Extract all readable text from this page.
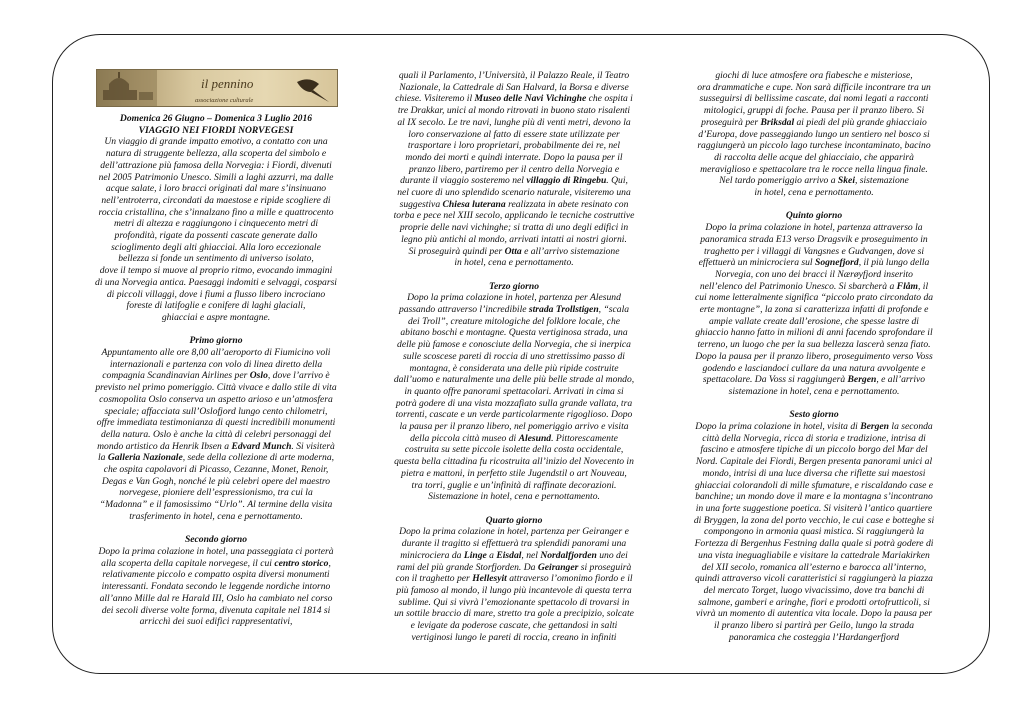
il pennino
associazione culturale

Domenica 26 Giugno – Domenica 3 Luglio 2016

VIAGGIO NEI FIORDI NORVEGESI

Un viaggio di grande impatto emotivo, a contatto con una

natura di struggente bellezza, alla scoperta del simbolo e

dell’attrazione più famosa della Norvegia: i Fiordi, divenuti

nel 2005 Patrimonio Unesco. Simili a laghi azzurri, ma dalle

acque salate, i loro bracci originati dal mare s’insinuano

nell’entroterra, circondati da maestose e ripide scogliere di

roccia cristallina, che s’innalzano fino a mille e quattrocento

metri di altezza e raggiungono i cinquecento metri di

profondità, rigate da possenti cascate generate dallo

scioglimento degli alti ghiacciai. Alla loro eccezionale

bellezza si fonde un sentimento di universo isolato,

dove il tempo si muove al proprio ritmo, evocando immagini

di una Norvegia antica. Paesaggi indomiti e selvaggi, cosparsi

di piccoli villaggi, dove i fiumi a flusso libero incrociano

foreste di latifoglie e conifere di laghi glaciali,

ghiacciai e aspre montagne.

Primo giorno

Appuntamento alle ore 8,00 all’aeroporto di Fiumicino voli

internazionali e partenza con volo di linea diretto della

compagnia Scandinavian Airlines per Oslo, dove l’arrivo è

previsto nel primo pomeriggio. Città vivace e dallo stile di vita

cosmopolita Oslo conserva un aspetto arioso e un’atmosfera

speciale; affacciata sull’Oslofjord lungo cento chilometri,

offre immediata testimonianza di questi incredibili monumenti

della natura. Oslo è anche la città di celebri personaggi del

mondo artistico da Henrik Ibsen a Edvard Munch. Si visiterà

la Galleria Nazionale, sede della collezione di arte moderna,

che ospita capolavori di Picasso, Cezanne, Monet, Renoir,

Degas e Van Gogh, nonché le più celebri opere del maestro

norvegese, pioniere dell’espressionismo, tra cui la

“Madonna” e il famosissimo “Urlo”. Al termine della visita

trasferimento in hotel, cena e pernottamento.

Secondo giorno

Dopo la prima colazione in hotel, una passeggiata ci porterà

alla scoperta della capitale norvegese, il cui centro storico,

relativamente piccolo e compatto ospita diversi monumenti

interessanti. Fondata secondo le leggende nordiche intorno

all’anno Mille dal re Harald III, Oslo ha cambiato nel corso

dei secoli diverse volte forma, divenuta capitale nel 1814 si

arricchì dei suoi edifici rappresentativi,

quali il Parlamento, l’Università, il Palazzo Reale, il Teatro

Nazionale, la Cattedrale di San Halvard, la Borsa e diverse

chiese. Visiteremo il Museo delle Navi Vichinghe che ospita i

tre Drakkar, unici al mondo ritrovati in buono stato risalenti

al IX secolo. Le tre navi, lunghe più di venti metri, devono la

loro conservazione al fatto di essere state utilizzate per

trasportare i loro proprietari, probabilmente dei re, nel

mondo dei morti e quindi interrate. Dopo la pausa per il

pranzo libero, partiremo per il centro della Norvegia e

durante il viaggio sosteremo nel villaggio di Ringebu. Qui,

nel cuore di uno splendido scenario naturale, visiteremo una

suggestiva Chiesa luterana realizzata in abete resinato con

torba e pece nel XIII secolo, applicando le tecniche costruttive

proprie delle navi vichinghe; si tratta di uno degli edifici in

legno più antichi al mondo, arrivati intatti ai nostri giorni.

Si proseguirà quindi per Otta e all’arrivo sistemazione

in hotel, cena e pernottamento.

Terzo giorno

Dopo la prima colazione in hotel, partenza per Alesund

passando attraverso l’incredibile strada Trollstigen, “scala

dei Troll”, creature mitologiche del folklore locale, che

abitano boschi e montagne. Questa vertiginosa strada, una

delle più famose e conosciute della Norvegia, che si inerpica

sulle scoscese pareti di roccia di uno strettissimo passo di

montagna, è considerata una delle più ripide costruite

dall’uomo e naturalmente una delle più belle strade al mondo,

in quanto offre panorami spettacolari. Arrivati in cima si

potrà godere di una vista mozzafiato sulla grande vallata, tra

torrenti, cascate e un verde particolarmente rigoglioso. Dopo

la pausa per il pranzo libero, nel pomeriggio arrivo e visita

della piccola città museo di Alesund. Pittorescamente

costruita su sette piccole isolette della costa occidentale,

questa bella cittadina fu ricostruita all’inizio del Novecento in

pietra e mattoni, in perfetto stile Jugendstil o art Nouveau,

tra torri, guglie e un’infinità di raffinate decorazioni.

Sistemazione in hotel, cena e pernottamento.

Quarto giorno

Dopo la prima colazione in hotel, partenza per Geiranger e

durante il tragitto si effettuerà tra splendidi panorami una

minicrociera da Linge a Eisdal, nel Nordalfjorden uno dei

rami del più grande Storfjorden. Da Geiranger si proseguirà

con il traghetto per Hellesyit attraverso l’omonimo fiordo e il

più famoso al mondo, il lungo più incantevole di questa terra

sublime. Qui si vivrà l’emozionante spettacolo di trovarsi in

un sottile braccio di mare, stretto tra gole a precipizio, solcate

e levigate da poderose cascate, che gettandosi in salti

vertiginosi lungo le pareti di roccia, creano in infiniti

giochi di luce atmosfere ora fiabesche e misteriose,

ora drammatiche e cupe. Non sarà difficile incontrare tra un

susseguirsi di bellissime cascate, dai nomi legati a racconti

mitologici, gruppi di foche. Pausa per il pranzo libero. Si

proseguirà per Briksdal ai piedi del più grande ghiacciaio

d’Europa, dove passeggiando lungo un sentiero nel bosco si

raggiungerà un piccolo lago turchese incontaminato, bacino

di raccolta delle acque del ghiacciaio, che apparirà

meraviglioso e spettacolare tra le rocce nella lingua finale.

Nel tardo pomeriggio arrivo a Skei, sistemazione

in hotel, cena e pernottamento.

Quinto giorno

Dopo la prima colazione in hotel, partenza attraverso la

panoramica strada E13 verso Dragsvik e proseguimento in

traghetto per i villaggi di Vangsnes e Gudvangen, dove si

effettuerà un minicrociera sul Sognefjord, il più lungo della

Norvegia, con uno dei bracci il Nærøyfjord inserito

nell’elenco del Patrimonio Unesco. Si sbarcherà a Flåm, il

cui nome letteralmente significa “piccolo prato circondato da

erte montagne”, la zona si caratterizza infatti di profonde e

ampie vallate create dall’erosione, che spesse lastre di

ghiaccio hanno fatto in milioni di anni facendo sprofondare il

terreno, un luogo che per la sua bellezza lascerà senza fiato.

Dopo la pausa per il pranzo libero, proseguimento verso Voss

godendo e lasciandoci cullare da una natura avvolgente e

spettacolare. Da Voss si raggiungerà Bergen, e all’arrivo

sistemazione in hotel, cena e pernottamento.

Sesto giorno

Dopo la prima colazione in hotel, visita di Bergen la seconda

città della Norvegia, ricca di storia e tradizione, intrisa di

fascino e atmosfere tipiche di un piccolo borgo del Mar del

Nord. Capitale dei Fiordi, Bergen presenta panorami unici al

mondo, intrisi di una luce diversa che riflette sui maestosi

ghiacciai colorandoli di mille sfumature, e riscaldando case e

banchine; un mondo dove il mare e la montagna s’incontrano

in una forte suggestione poetica. Si visiterà l’antico quartiere

di Bryggen, la zona del porto vecchio, le cui case e botteghe si

compongono in armonia quasi mistica. Si raggiungerà la

Fortezza di Bergenhus Festning dalla quale si potrà godere di

una vista ineguagliabile e visitare la cattedrale Mariakirken

del XII secolo, romanica all’esterno e barocca all’interno,

quindi attraverso vicoli caratteristici si raggiungerà la piazza

del mercato Torget, luogo vivacissimo, dove tra banchi di

salmone, gamberi e aringhe, fiori e prodotti ortofrutticoli, si

vivrà un momento di autentica vita locale. Dopo la pausa per

il pranzo libero si partirà per Geilo, lungo la strada

panoramica che costeggia l’Hardangerfjord
